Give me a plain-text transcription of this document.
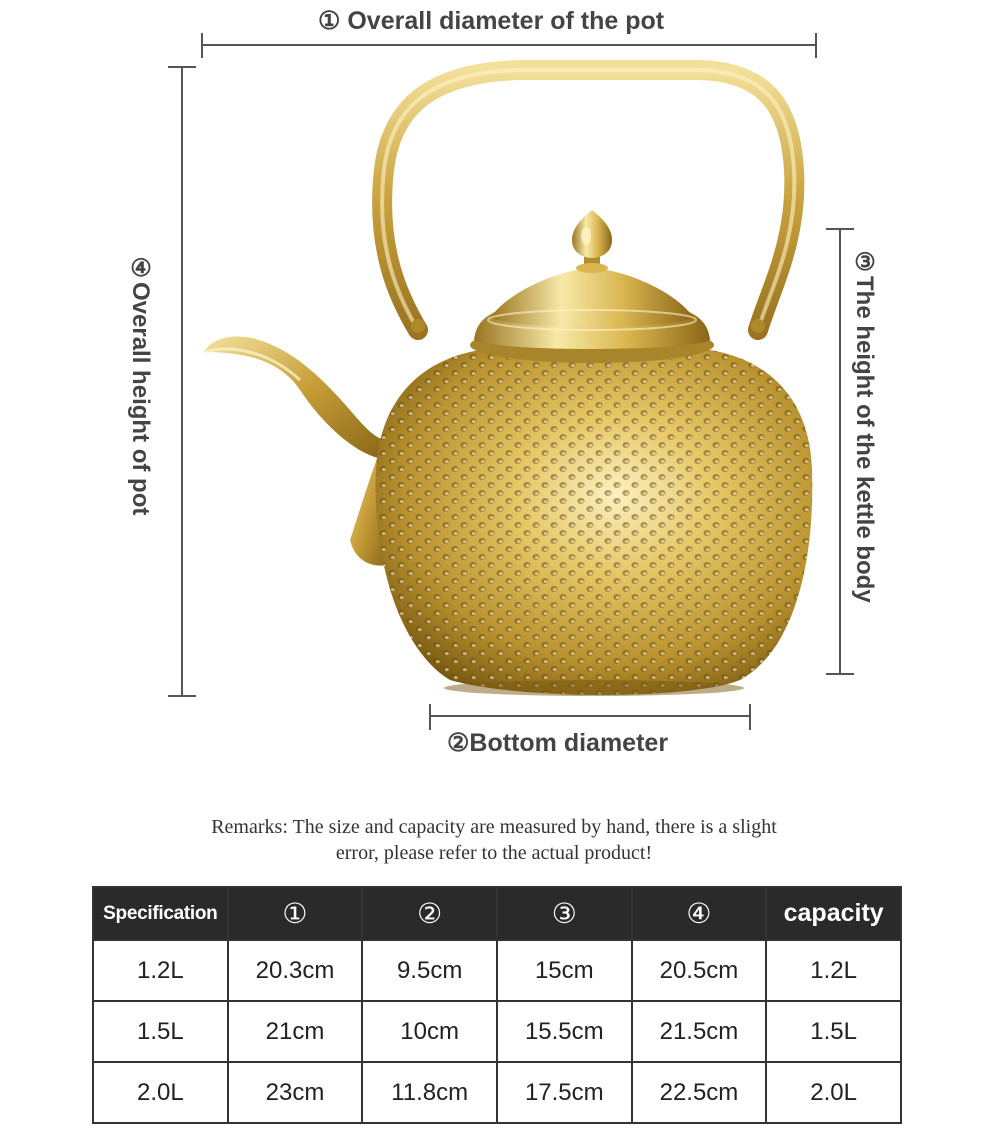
① Overall diameter of the pot
②Bottom diameter
③The height of the kettle body
④Overall height of pot
Remarks: The size and capacity are measured by hand, there is a slight
error, please refer to the actual product!
Specification	①	②	③	④	capacity
1.2L	20.3cm	9.5cm	15cm	20.5cm	1.2L
1.5L	21cm	10cm	15.5cm	21.5cm	1.5L
2.0L	23cm	11.8cm	17.5cm	22.5cm	2.0L
